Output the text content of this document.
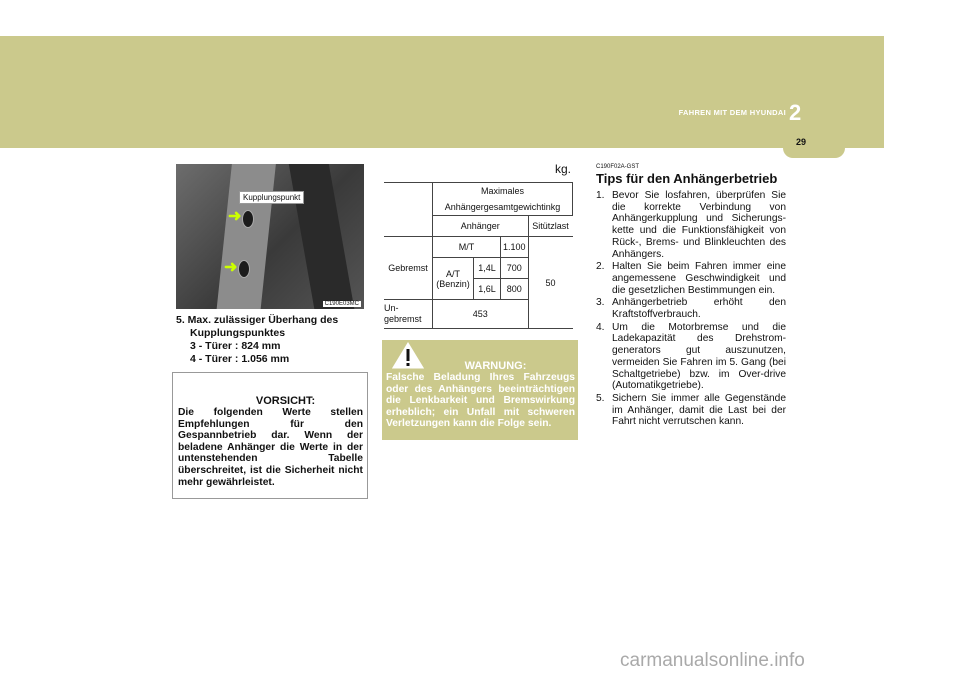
FAHREN MIT DEM HYUNDAI 2
29
➜
➜
Kupplungspunkt
C190E03MC
5. Max. zulässiger Überhang des
Kupplungspunktes
3 - Türer : 824 mm
4 - Türer : 1.056 mm
VORSICHT:
Die folgenden Werte stellen Empfehlungen für den Gespannbetrieb dar. Wenn der beladene Anhänger die Werte in der untenstehenden Tabelle überschreitet, ist die Sicherheit nicht mehr gewährleistet.
kg.
	Maximales Anhängergesamtgewichtinkg			
	Anhänger			Sitützlast
Gebremst	M/T		1.100	50
	A/T (Benzin)	1,4L	700	
		1,6L	800	
Un-gebremst	453			
WARNUNG:
Falsche Beladung Ihres Fahrzeugs oder des Anhängers beeinträchtigen die Lenkbarkeit und Bremswirkung erheblich; ein Unfall mit schweren Verletzungen kann die Folge sein.
C190F02A-GST
Tips für den Anhängerbetrieb
1. Bevor Sie losfahren, überprüfen Sie die korrekte Verbindung von Anhängerkupplung und Sicherungs-kette und die Funktionsfähigkeit von Rück-, Brems- und Blinkleuchten des Anhängers.
2. Halten Sie beim Fahren immer eine angemessene Geschwindigkeit und die gesetzlichen Bestimmungen ein.
3. Anhängerbetrieb erhöht den Kraftstoffverbrauch.
4. Um die Motorbremse und die Ladekapazität des Drehstrom-generators gut auszunutzen, vermeiden Sie Fahren im 5. Gang (bei Schaltgetriebe) bzw. im Over-drive (Automatikgetriebe).
5. Sichern Sie immer alle Gegenstände im Anhänger, damit die Last bei der Fahrt nicht verrutschen kann.
carmanualsonline.info
